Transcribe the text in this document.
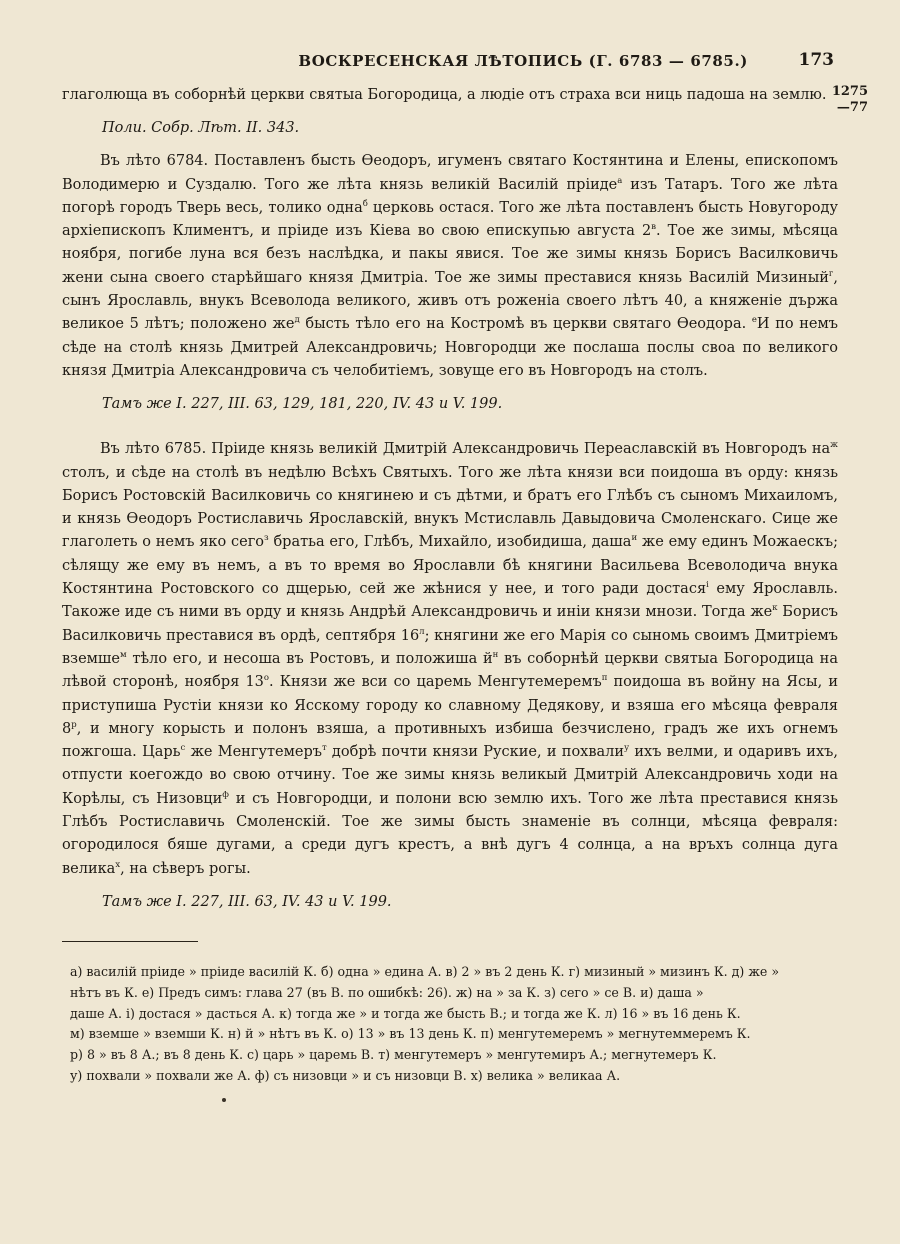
ВОСКРЕСЕНСКАЯ ЛѢТОПИСЬ (Г. 6783 — 6785.)	173
1275
—77

глаголюща въ соборнѣй церкви святыа Богородица, а людіе отъ страха вси ниць падоша на землю.

Поли. Собр. Лѣт. II. 343.

Въ лѣто 6784. Поставленъ бысть Ѳеодоръ, игуменъ святаго Костянтина и Елены, епископомъ Володимерю и Суздалю. Того же лѣта князь великій Василій пріиде$^а$ изъ Татаръ. Того же лѣта погорѣ городъ Тверь весь, толико одна$^б$ церковь остася. Того же лѣта поставленъ бысть Новугороду архіепископъ Климентъ, и пріиде изъ Кіева во свою епискупью августа $2^в$. Тое же зимы, мѣсяца ноября, погибе луна вся безъ наслѣдка, и пакы явися. Тое же зимы князь Борисъ Василковичь жени сына своего старѣйшаго князя Дмитріа. Тое же зимы преставися князь Василій Мизиный$^г$, сынъ Ярославль, внукъ Всеволода великого, живъ отъ роженіа своего лѣтъ 40, а княженіе държа великое 5 лѣтъ; положено $же^д$ бысть тѣло его на Костромѣ въ церкви святаго Ѳеодора. $^е$И по немъ сѣде на столѣ князь Дмитрей Александровичь; Новгородци же послаша послы своа по великого князя Дмитріа Александровича съ челобитіемъ, зовуще его въ Новгородъ на столъ.

Тамъ же I. 227, III. 63, 129, 181, 220, IV. 43 и V. 199.

Въ лѣто 6785. Пріиде князь великій Дмитрій Александровичь Переаславскій въ Новгородъ $на^ж$ столъ, и сѣде на столѣ въ недѣлю Всѣхъ Святыхъ. Того же лѣта князи вси поидоша въ орду: князь Борисъ Ростовскій Василковичь со княгинею и съ дѣтми, и братъ его Глѣбъ съ сыномъ Михаиломъ, и князь Ѳеодоръ Ростиславичь Ярославскій, внукъ Мстиславль Давыдовича Смоленскаго. Сице же глаголеть о немъ яко сего$^з$ братьа его, Глѣбъ, Михайло, изобидиша, даша$^и$ же ему единъ Можаескъ; сѣлящу же ему въ немъ, а въ то время во Ярославли бѣ княгини Васильева Всеволодича внука Костянтина Ростовского со дщерью, сей же жѣнися у нее, и того ради достася$^і$ ему Ярославль. Такоже иде съ ними въ орду и князь Андрѣй Александровичь и иніи князи мнози. Тогда $же^к$ Борисъ Василковичь преставися въ ордѣ, септября $16^л$; княгини же его Марія со сыномь своимъ Дмитріемъ вземше$^м$ тѣло его, и несоша въ Ростовъ, и положиша $й^н$ въ соборнѣй церкви святыа Богородица на лѣвой сторонѣ, ноября $13^о$. Князи же вси со царемь Менгутемеремъ$^п$ поидоша въ войну на Ясы, и приступиша Рустіи князи ко Ясскому городу ко славному Дедякову, и взяша его мѣсяца февраля $8^р$, и многу корысть и полонъ взяша, а противныхъ избиша безчислено, градъ же ихъ огнемъ пожгоша. Царь$^с$ же Менгутемеръ$^т$ добрѣ почти князи Руские, и похвали$^у$ ихъ велми, и одаривъ ихъ, отпусти коегождо во свою отчину. Тое же зимы князь великый Дмитрій Александровичь ходи на Корѣлы, съ Низовци$^ф$ и съ Новгородци, и полони всю землю ихъ. Того же лѣта преставися князь Глѣбъ Ростиславичь Смоленскій. Тое же зимы бысть знаменіе въ солнци, мѣсяца февраля: огородилося бяше дугами, а среди дугъ крестъ, а внѣ дугъ 4 солнца, а на връхъ солнца дуга велика$^х$, на сѣверъ рогы.

Тамъ же I. 227, III. 63, IV. 43 и V. 199.

а) василій пріиде » пріиде василій К. б) одна » едина А. в) 2 » въ 2 день К. г) мизиный » мизинъ К. д) же »

нѣтъ въ К. е) Предъ симъ: глава 27 (въ В. по ошибкѣ: 26). ж) на » за К. з) сего » се В. и) даша »

даше А. і) достася » дасться А. к) тогда же » и тогда же бысть В.; и тогда же К. л) 16 » въ 16 день К.

м) вземше » вземши К. н) й » нѣтъ въ К. о) 13 » въ 13 день К. п) менгутемеремъ » мегнутеммеремъ К.

р) 8 » въ 8 А.; въ 8 день К. с) царь » царемь В. т) менгутемеръ » менгутемиръ А.; мегнутемеръ К.

у) похвали » похвали же А. ф) съ низовци » и съ низовци В. х) велика » великаа А.
